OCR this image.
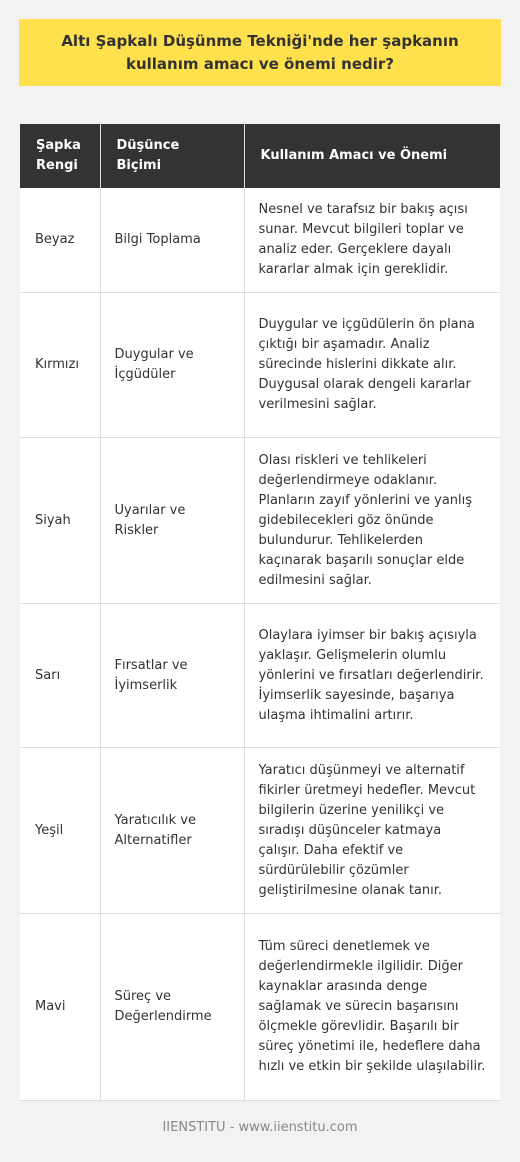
Altı Şapkalı Düşünme Tekniği'nde her şapkanın kullanım amacı ve önemi nedir?
Şapka Rengi	Düşünce Biçimi	Kullanım Amacı ve Önemi
Beyaz	Bilgi Toplama	Nesnel ve tarafsız bir bakış açısı sunar. Mevcut bilgileri toplar ve analiz eder. Gerçeklere dayalı kararlar almak için gereklidir.
Kırmızı	Duygular ve İçgüdüler	Duygular ve içgüdülerin ön plana çıktığı bir aşamadır. Analiz sürecinde hislerini dikkate alır. Duygusal olarak dengeli kararlar verilmesini sağlar.
Siyah	Uyarılar ve Riskler	Olası riskleri ve tehlikeleri değerlendirmeye odaklanır. Planların zayıf yönlerini ve yanlış gidebilecekleri göz önünde bulundurur. Tehlikelerden kaçınarak başarılı sonuçlar elde edilmesini sağlar.
Sarı	Fırsatlar ve İyimserlik	Olaylara iyimser bir bakış açısıyla yaklaşır. Gelişmelerin olumlu yönlerini ve fırsatları değerlendirir. İyimserlik sayesinde, başarıya ulaşma ihtimalini artırır.
Yeşil	Yaratıcılık ve Alternatifler	Yaratıcı düşünmeyi ve alternatif fikirler üretmeyi hedefler. Mevcut bilgilerin üzerine yenilikçi ve sıradışı düşünceler katmaya çalışır. Daha efektif ve sürdürülebilir çözümler geliştirilmesine olanak tanır.
Mavi	Süreç ve Değerlendirme	Tüm süreci denetlemek ve değerlendirmekle ilgilidir. Diğer kaynaklar arasında denge sağlamak ve sürecin başarısını ölçmekle görevlidir. Başarılı bir süreç yönetimi ile, hedeflere daha hızlı ve etkin bir şekilde ulaşılabilir.
IIENSTITU - www.iienstitu.com
